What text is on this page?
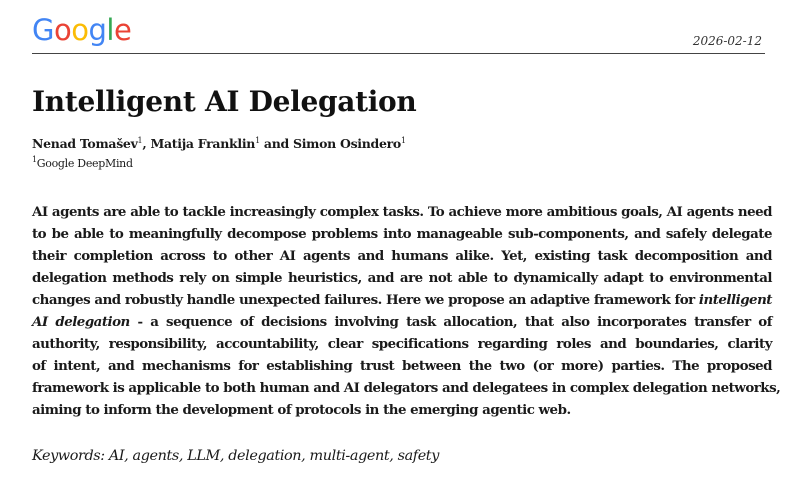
Google	2026-02-12
Intelligent AI Delegation
Nenad Tomašev$^1$, Matija Franklin$^1$ and Simon Osindero$^1$
$^1$Google DeepMind
AI agents are able to tackle increasingly complex tasks. To achieve more ambitious goals, AI agents need
to be able to meaningfully decompose problems into manageable sub-components, and safely delegate
their completion across to other AI agents and humans alike. Yet, existing task decomposition and
delegation methods rely on simple heuristics, and are not able to dynamically adapt to environmental
changes and robustly handle unexpected failures. Here we propose an adaptive framework for intelligent
AI delegation - a sequence of decisions involving task allocation, that also incorporates transfer of
authority, responsibility, accountability, clear specifications regarding roles and boundaries, clarity
of intent, and mechanisms for establishing trust between the two (or more) parties. The proposed
framework is applicable to both human and AI delegators and delegatees in complex delegation networks,
aiming to inform the development of protocols in the emerging agentic web.
Keywords: AI, agents, LLM, delegation, multi-agent, safety
